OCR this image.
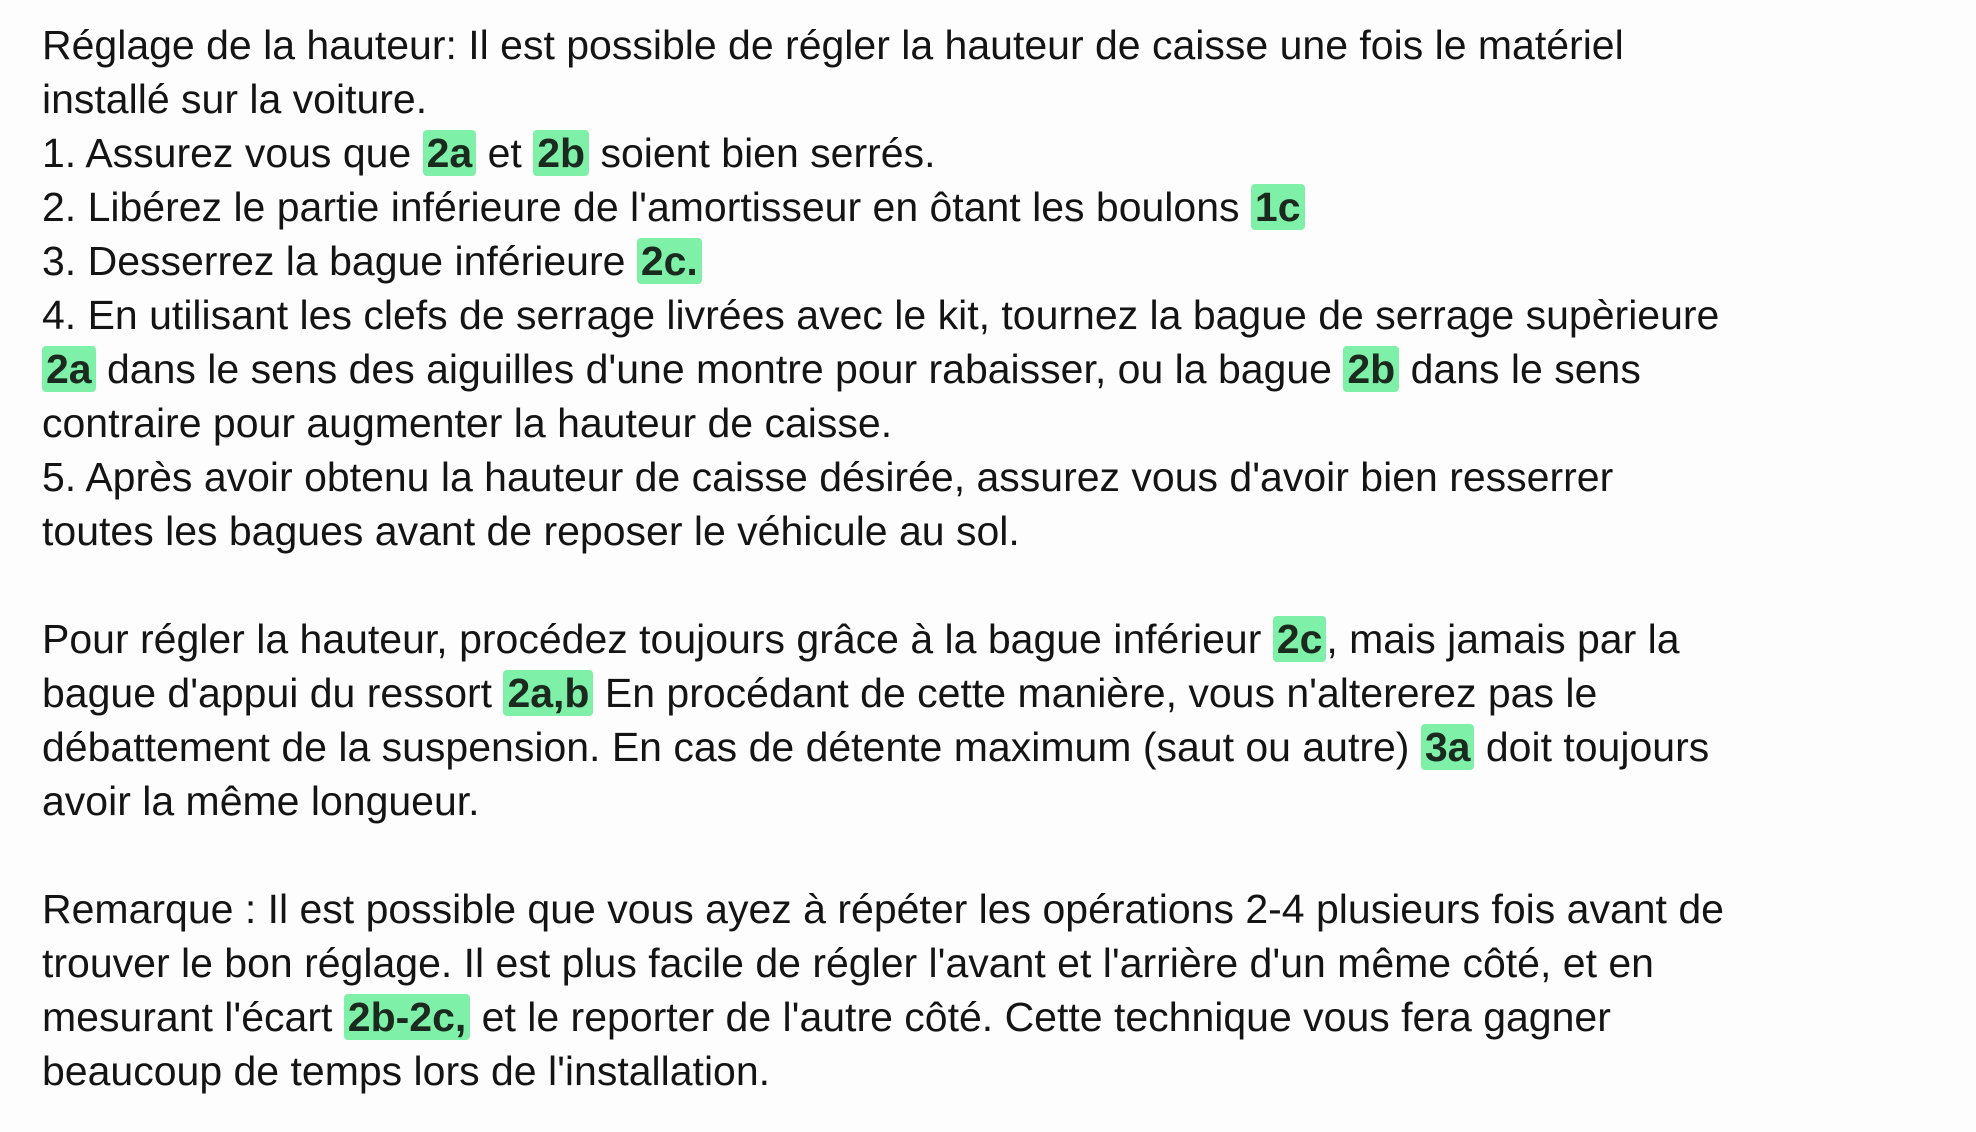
Réglage de la hauteur: Il est possible de régler la hauteur de caisse une fois le matériel
installé sur la voiture.
1. Assurez vous que 2a et 2b soient bien serrés.
2. Libérez le partie inférieure de l'amortisseur en ôtant les boulons 1c
3. Desserrez la bague inférieure 2c.
4. En utilisant les clefs de serrage livrées avec le kit, tournez la bague de serrage supèrieure
2a dans le sens des aiguilles d'une montre pour rabaisser, ou la bague 2b dans le sens
contraire pour augmenter la hauteur de caisse.
5. Après avoir obtenu la hauteur de caisse désirée, assurez vous d'avoir bien resserrer
toutes les bagues avant de reposer le véhicule au sol.
Pour régler la hauteur, procédez toujours grâce à la bague inférieur 2c, mais jamais par la
bague d'appui du ressort 2a,b En procédant de cette manière, vous n'altererez pas le
débattement de la suspension. En cas de détente maximum (saut ou autre) 3a doit toujours
avoir la même longueur.
Remarque : Il est possible que vous ayez à répéter les opérations 2-4 plusieurs fois avant de
trouver le bon réglage. Il est plus facile de régler l'avant et l'arrière d'un même côté, et en
mesurant l'écart 2b-2c, et le reporter de l'autre côté. Cette technique vous fera gagner
beaucoup de temps lors de l'installation.
